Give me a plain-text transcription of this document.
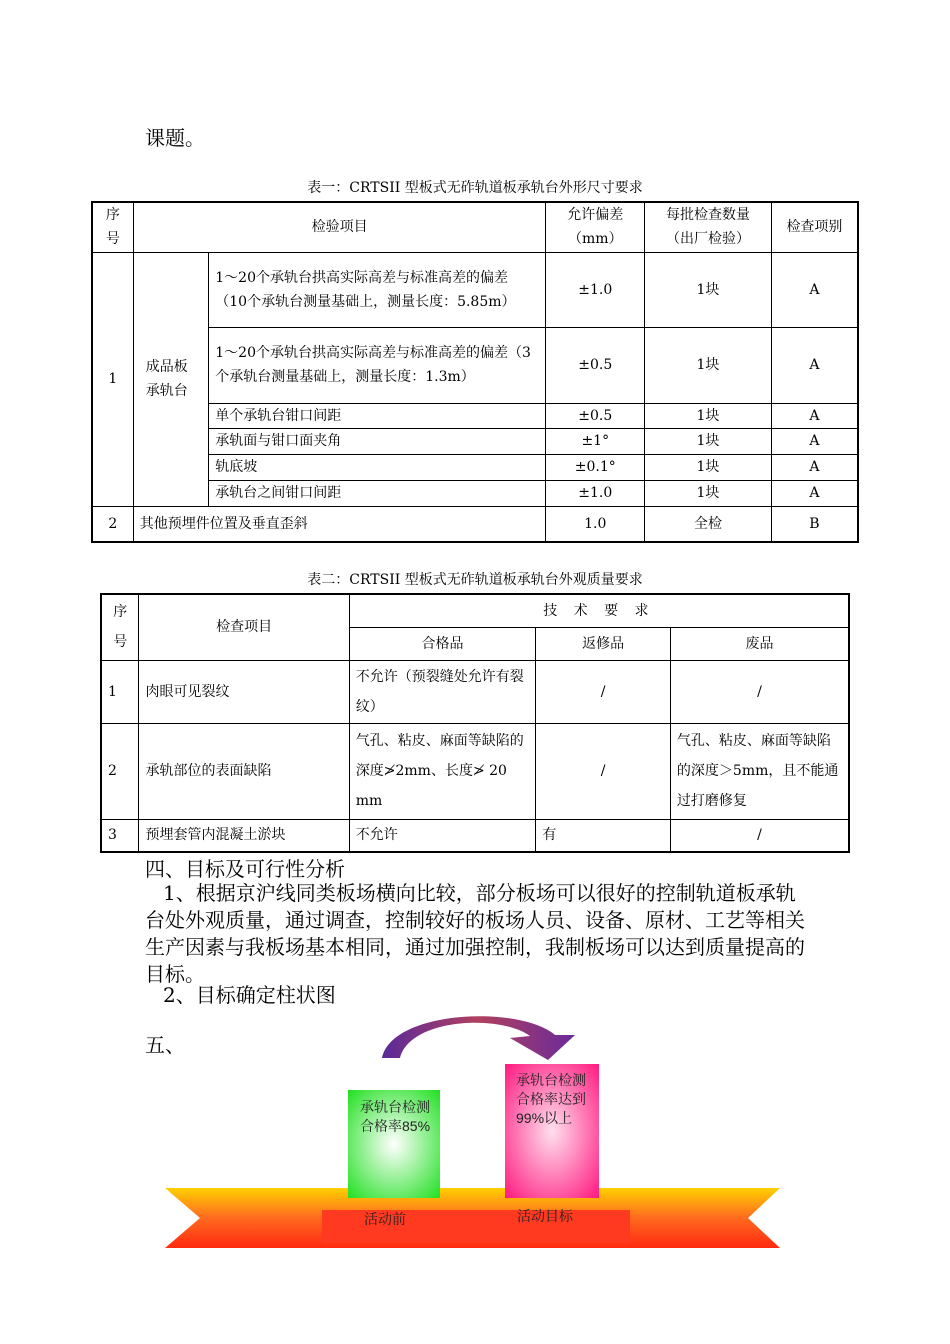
课题。
表一：CRTSII 型板式无砟轨道板承轨台外形尺寸要求
序号	检验项目		允许偏差（mm）	每批检查数量（出厂检验）	检查项别
1	成品板承轨台	1～20个承轨台拱高实际高差与标准高差的偏差（10个承轨台测量基础上，测量长度：5.85m）	±1.0	1块	A
		1～20个承轨台拱高实际高差与标准高差的偏差（3个承轨台测量基础上，测量长度：1.3m）	±0.5	1块	A
		单个承轨台钳口间距	±0.5	1块	A
		承轨面与钳口面夹角	±1°	1块	A
		轨底坡	±0.1°	1块	A
		承轨台之间钳口间距	±1.0	1块	A
2	其他预埋件位置及垂直歪斜		1.0	全检	B
表二：CRTSII 型板式无砟轨道板承轨台外观质量要求
序号	检查项目	技 术 要 求		
		合格品	返修品	废品
1	肉眼可见裂纹	不允许（预裂缝处允许有裂纹）	/	/
2	承轨部位的表面缺陷	气孔、粘皮、麻面等缺陷的深度≯2mm、长度≯ 20 mm	/	气孔、粘皮、麻面等缺陷的深度＞5mm，且不能通过打磨修复
3	预埋套管内混凝土淤块	不允许	有	/
四、目标及可行性分析
1、根据京沪线同类板场横向比较，部分板场可以很好的控制轨道板承轨台处外观质量，通过调查，控制较好的板场人员、设备、原材、工艺等相关生产因素与我板场基本相同，通过加强控制，我制板场可以达到质量提高的目标。
2、目标确定柱状图
五、
承轨台检测合格率85%
承轨台检测合格率达到99%以上
活动前	活动目标
